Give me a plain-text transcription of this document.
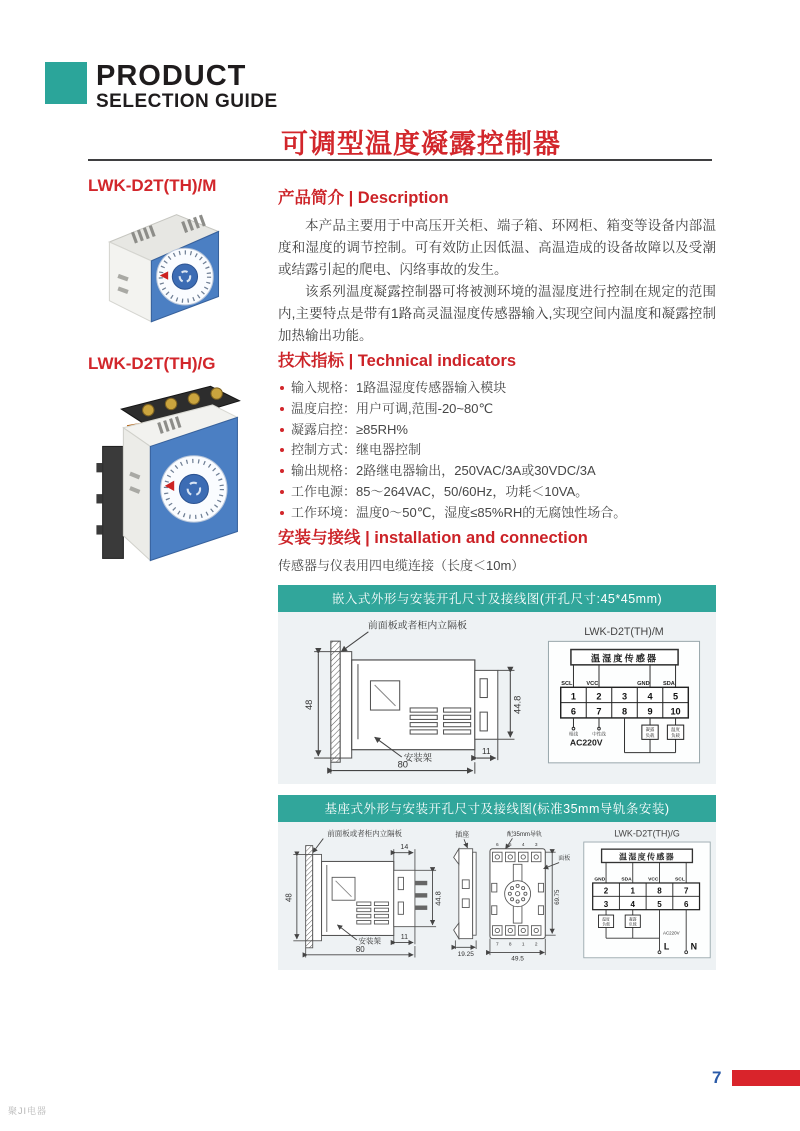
PRODUCT
SELECTION GUIDE
可调型温度凝露控制器
LWK-D2T(TH)/M
LWK-D2T(TH)/G
产品简介 | Description

本产品主要用于中高压开关柜、端子箱、环网柜、箱变等设备内部温度和湿度的调节控制。可有效防止因低温、高温造成的设备故障以及受潮或结露引起的爬电、闪络事故的发生。

该系列温度凝露控制器可将被测环境的温湿度进行控制在规定的范围内,主要特点是带有1路高灵温湿度传感器输入,实现空间内温度和凝露控制加热输出功能。

技术指标 | Technical indicators
输入规格：1路温湿度传感器输入模块
温度启控：用户可调,范围-20~80℃
凝露启控：≥85RH%
控制方式：继电器控制
输出规格：2路继电器输出，250VAC/3A或30VDC/3A
工作电源：85～264VAC，50/60Hz，功耗＜10VA。
工作环境：温度0～50℃，湿度≤85%RH的无腐蚀性场合。
安装与接线 | installation and connection

传感器与仪表用四电缆连接（长度＜10m）

嵌入式外形与安装开孔尺寸及接线图(开孔尺寸:45*45mm)
前面板或者柜内立隔板
48	44.8
11
80
安装架
LWK-D2T(TH)/M
温湿度传感器
SCL	VCC	GND SDA
1 2 3 4 5
6 7 8 9 10
相线	中性线
AC220V
凝露
负载
温度
负载
基座式外形与安装开孔尺寸及接线图(标准35mm导轨条安装)
前面板或者柜内立隔板
14
48	44.8
11
80
安装架
插座
19.25
配35mm导轨
6 5 4 3
7 8 1 2
面板
69.75
49.5
LWK-D2T(TH)/G
温湿度传感器
GND	SDA	VCC	SCL
2 1 8 7
3 4 5 6
温度
负载
凝露
负载
AC220V
L N
7
聚JI电器
